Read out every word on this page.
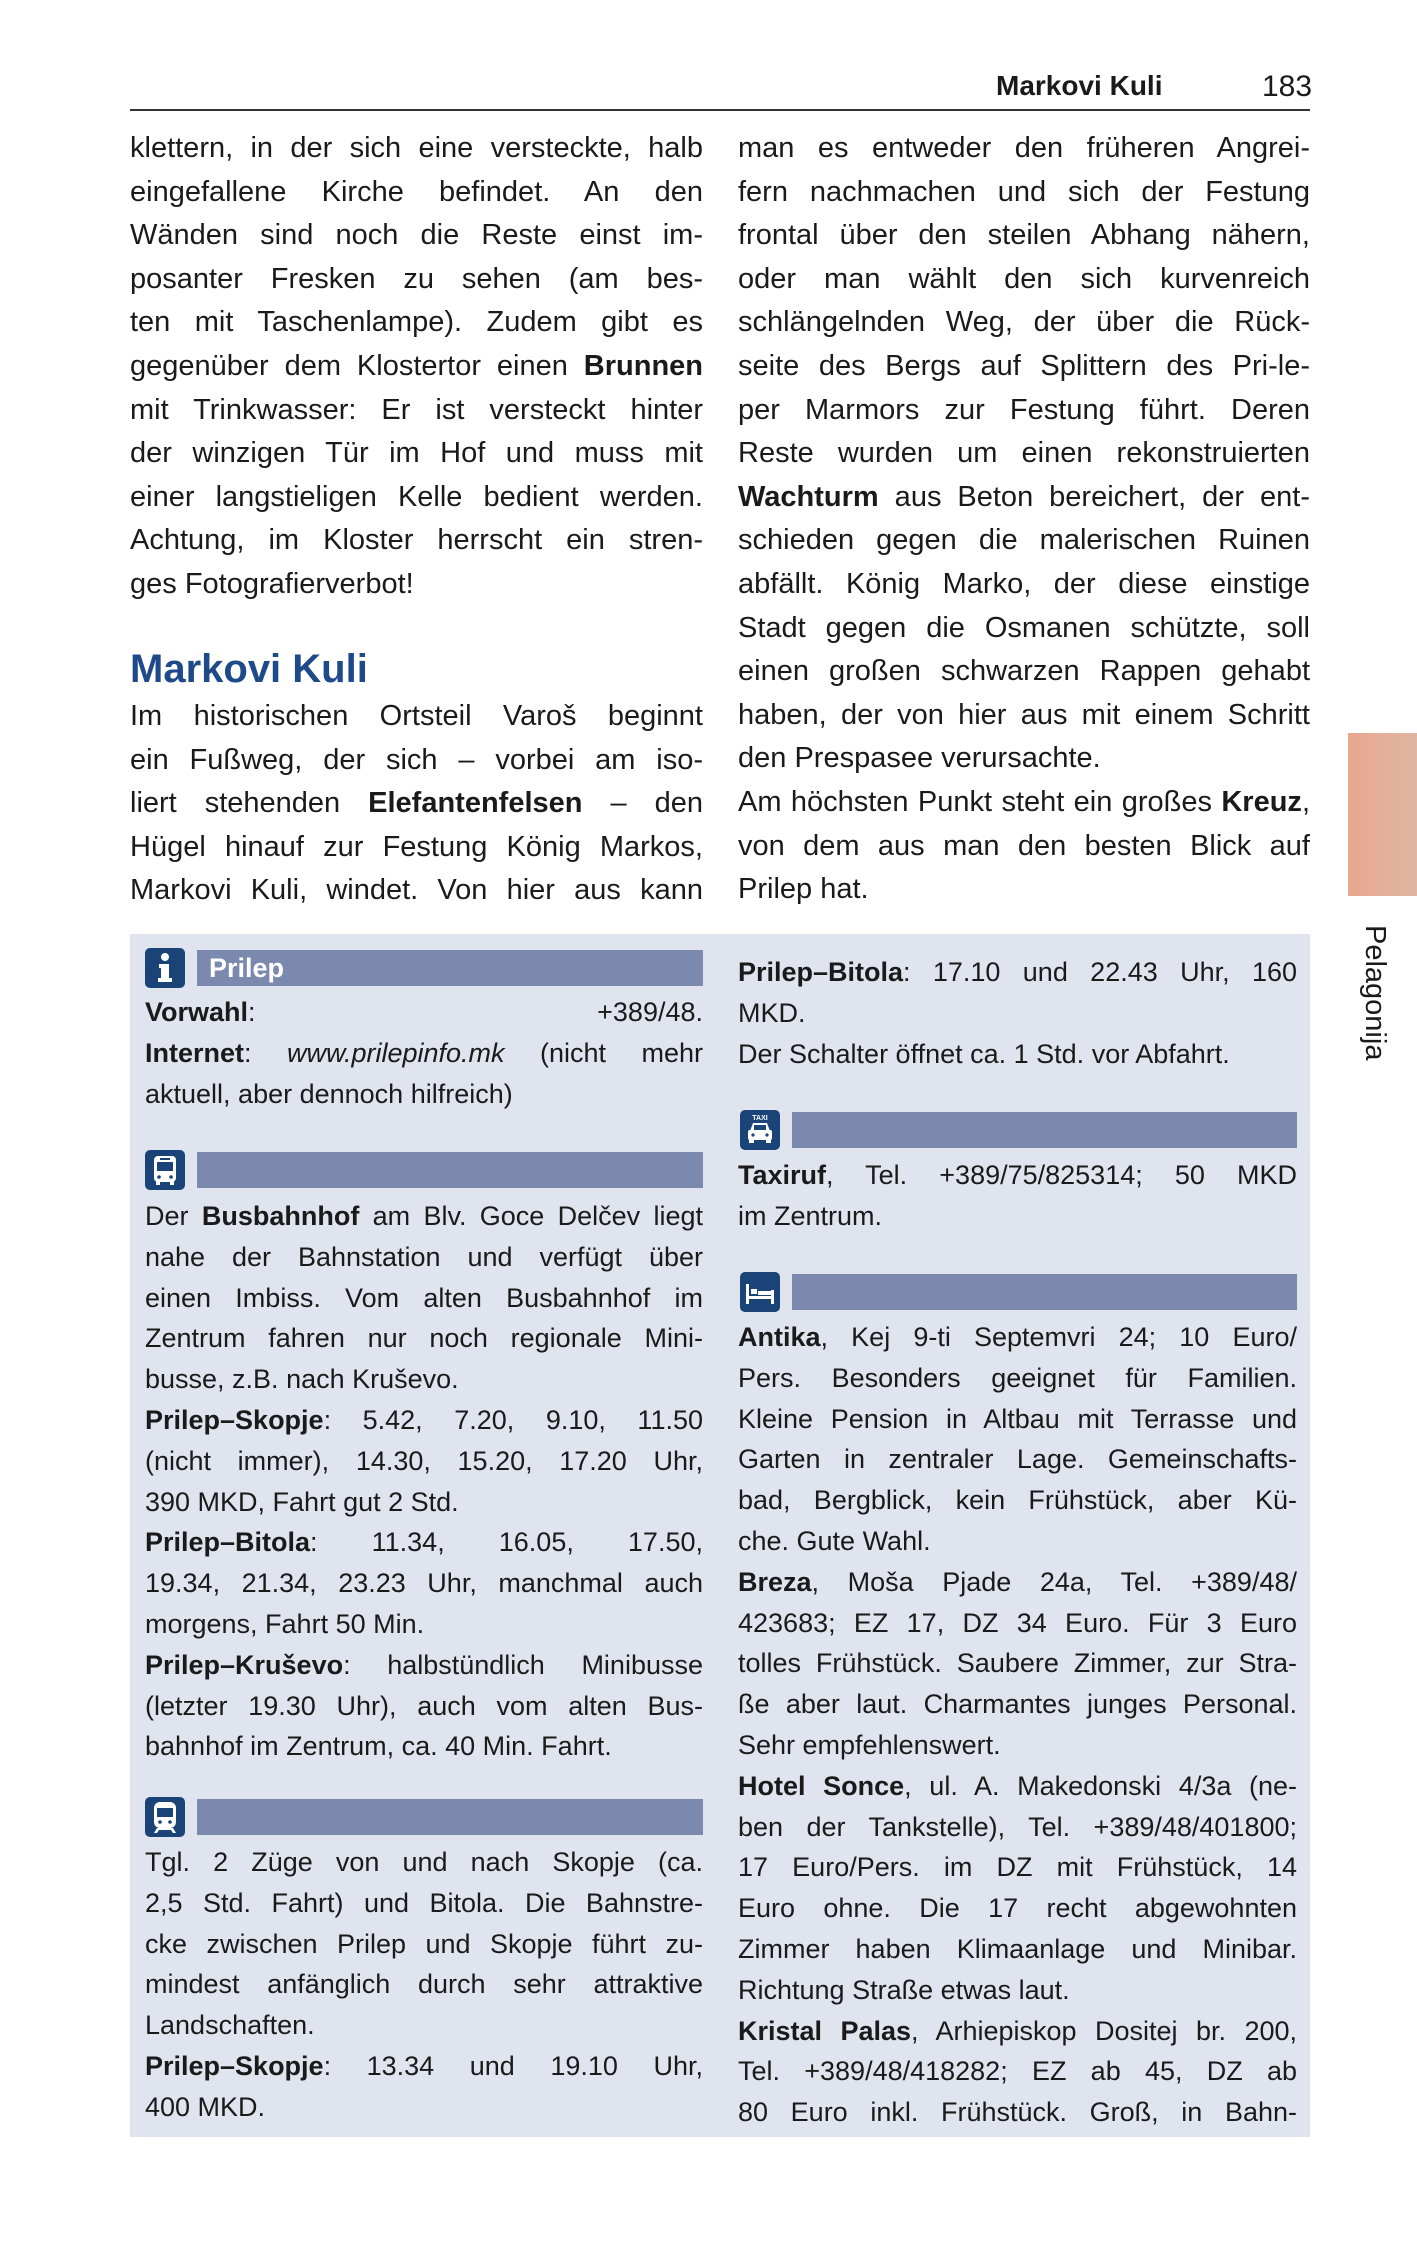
Markovi Kuli	183
klettern, in der sich eine versteckte, halb
eingefallene Kirche befindet. An den
Wänden sind noch die Reste einst im-
posanter Fresken zu sehen (am bes-
ten mit Taschenlampe). Zudem gibt es
gegenüber dem Klostertor einen Brunnen
mit Trinkwasser: Er ist versteckt hinter
der winzigen Tür im Hof und muss mit
einer langstieligen Kelle bedient werden.
Achtung, im Kloster herrscht ein stren-
ges Fotografierverbot!
Markovi Kuli
Im historischen Ortsteil Varoš beginnt
ein Fußweg, der sich – vorbei am iso-
liert stehenden Elefantenfelsen – den
Hügel hinauf zur Festung König Markos,
Markovi Kuli, windet. Von hier aus kann
man es entweder den früheren Angrei-
fern nachmachen und sich der Festung
frontal über den steilen Abhang nähern,
oder man wählt den sich kurvenreich
schlängelnden Weg, der über die Rück-
seite des Bergs auf Splittern des Pri-le-
per Marmors zur Festung führt. Deren
Reste wurden um einen rekonstruierten
Wachturm aus Beton bereichert, der ent-
schieden gegen die malerischen Ruinen
abfällt. König Marko, der diese einstige
Stadt gegen die Osmanen schützte, soll
einen großen schwarzen Rappen gehabt
haben, der von hier aus mit einem Schritt
den Prespasee verursachte.
Am höchsten Punkt steht ein großes Kreuz,
von dem aus man den besten Blick auf
Prilep hat.
Pelagonija
Prilep
Vorwahl: +389/48.
Internet: www.prilepinfo.mk (nicht mehr
aktuell, aber dennoch hilfreich)
Der Busbahnhof am Blv. Goce Delčev liegt
nahe der Bahnstation und verfügt über
einen Imbiss. Vom alten Busbahnhof im
Zentrum fahren nur noch regionale Mini-
busse, z.B. nach Kruševo.
Prilep–Skopje: 5.42, 7.20, 9.10, 11.50
(nicht immer), 14.30, 15.20, 17.20 Uhr,
390 MKD, Fahrt gut 2 Std.
Prilep–Bitola: 11.34, 16.05, 17.50,
19.34, 21.34, 23.23 Uhr, manchmal auch
morgens, Fahrt 50 Min.
Prilep–Kruševo: halbstündlich Minibusse
(letzter 19.30 Uhr), auch vom alten Bus-
bahnhof im Zentrum, ca. 40 Min. Fahrt.
Tgl. 2 Züge von und nach Skopje (ca.
2,5 Std. Fahrt) und Bitola. Die Bahnstre-
cke zwischen Prilep und Skopje führt zu-
mindest anfänglich durch sehr attraktive
Landschaften.
Prilep–Skopje: 13.34 und 19.10 Uhr,
400 MKD.
Prilep–Bitola: 17.10 und 22.43 Uhr, 160
MKD.
Der Schalter öffnet ca. 1 Std. vor Abfahrt.
TAXI
Taxiruf, Tel. +389/75/825314; 50 MKD
im Zentrum.
Antika, Kej 9-ti Septemvri 24; 10 Euro/
Pers. Besonders geeignet für Familien.
Kleine Pension in Altbau mit Terrasse und
Garten in zentraler Lage. Gemeinschafts-
bad, Bergblick, kein Frühstück, aber Kü-
che. Gute Wahl.
Breza, Moša Pjade 24a, Tel. +389/48/
423683; EZ 17, DZ 34 Euro. Für 3 Euro
tolles Frühstück. Saubere Zimmer, zur Stra-
ße aber laut. Charmantes junges Personal.
Sehr empfehlenswert.
Hotel Sonce, ul. A. Makedonski 4/3a (ne-
ben der Tankstelle), Tel. +389/48/401800;
17 Euro/Pers. im DZ mit Frühstück, 14
Euro ohne. Die 17 recht abgewohnten
Zimmer haben Klimaanlage und Minibar.
Richtung Straße etwas laut.
Kristal Palas, Arhiepiskop Dositej br. 200,
Tel. +389/48/418282; EZ ab 45, DZ ab
80 Euro inkl. Frühstück. Groß, in Bahn-
